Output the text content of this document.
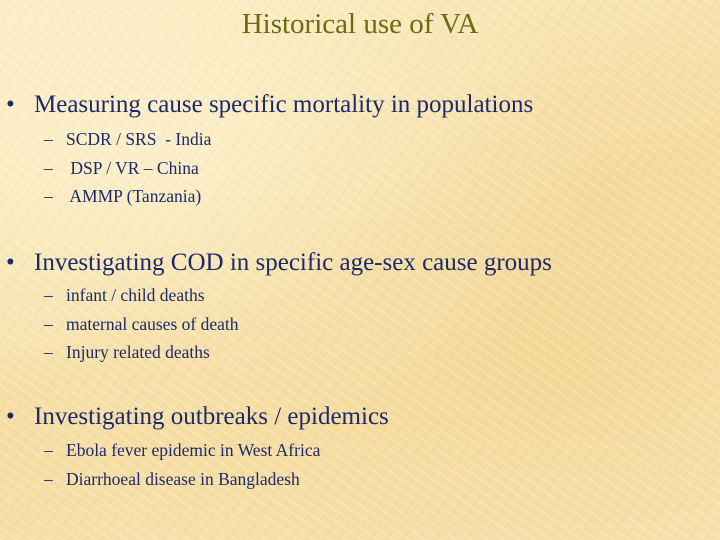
Historical use of VA
• Measuring cause specific mortality in populations
– SCDR / SRS  - India
– DSP / VR – China
– AMMP (Tanzania)
• Investigating COD in specific age-sex cause groups
– infant / child deaths
– maternal causes of death
– Injury related deaths
• Investigating outbreaks / epidemics
– Ebola fever epidemic in West Africa
– Diarrhoeal disease in Bangladesh
